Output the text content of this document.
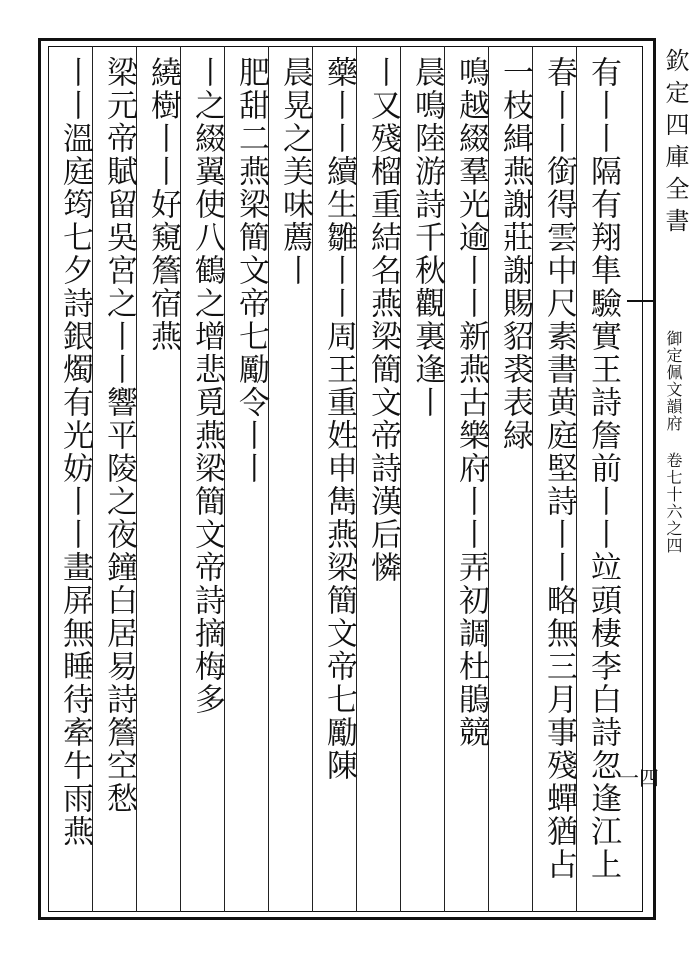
有丨丨隔有翔隼驗實王詩詹前丨丨竝頭棲李白詩忽逢江上
春丨丨銜得雲中尺素書黄庭堅詩丨丨略無三月事殘蟬猶占
一枝緝燕謝莊謝賜貂裘表緑
鳴越綴羣光逾丨丨新燕古樂府丨丨弄初調杜鵑競
晨鳴陸游詩千秋觀裏逢丨
丨又殘榴重結名燕梁簡文帝詩漢后憐
藥丨丨續生雛丨丨周王重姓申雋燕梁簡文帝七勵陳
晨晃之美味薦丨
肥甜二燕梁簡文帝七勵令丨丨
丨之綴翼使八鶴之增悲覓燕梁簡文帝詩摘梅多
繞樹丨丨好窺簷宿燕
梁元帝賦留吳宮之丨丨響平陵之夜鐘白居易詩簷空愁
丨丨溫庭筠七夕詩銀燭有光妨丨丨畫屏無睡待牽牛雨燕	欽定四庫全書
御定佩文韻府 卷七十六之四
一四
